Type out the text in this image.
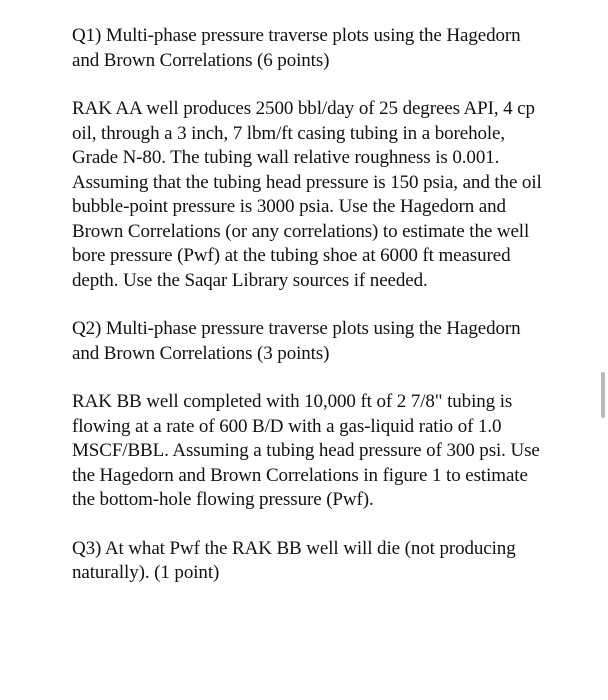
Q1) Multi-phase pressure traverse plots using the Hagedorn and Brown Correlations (6 points)

RAK AA well produces 2500 bbl/day of 25 degrees API, 4 cp oil, through a 3 inch, 7 lbm/ft casing tubing in a borehole, Grade N-80. The tubing wall relative roughness is 0.001. Assuming that the tubing head pressure is 150 psia, and the oil bubble-point pressure is 3000 psia. Use the Hagedorn and Brown Correlations (or any correlations) to estimate the well bore pressure (Pwf) at the tubing shoe at 6000 ft measured depth. Use the Saqar Library sources if needed.

Q2) Multi-phase pressure traverse plots using the Hagedorn and Brown Correlations (3 points)

RAK BB well completed with 10,000 ft of 2 7/8" tubing is flowing at a rate of 600 B/D with a gas-liquid ratio of 1.0 MSCF/BBL. Assuming a tubing head pressure of 300 psi. Use the Hagedorn and Brown Correlations in figure 1 to estimate the bottom-hole flowing pressure (Pwf).

Q3) At what Pwf the RAK BB well will die (not producing naturally). (1 point)
